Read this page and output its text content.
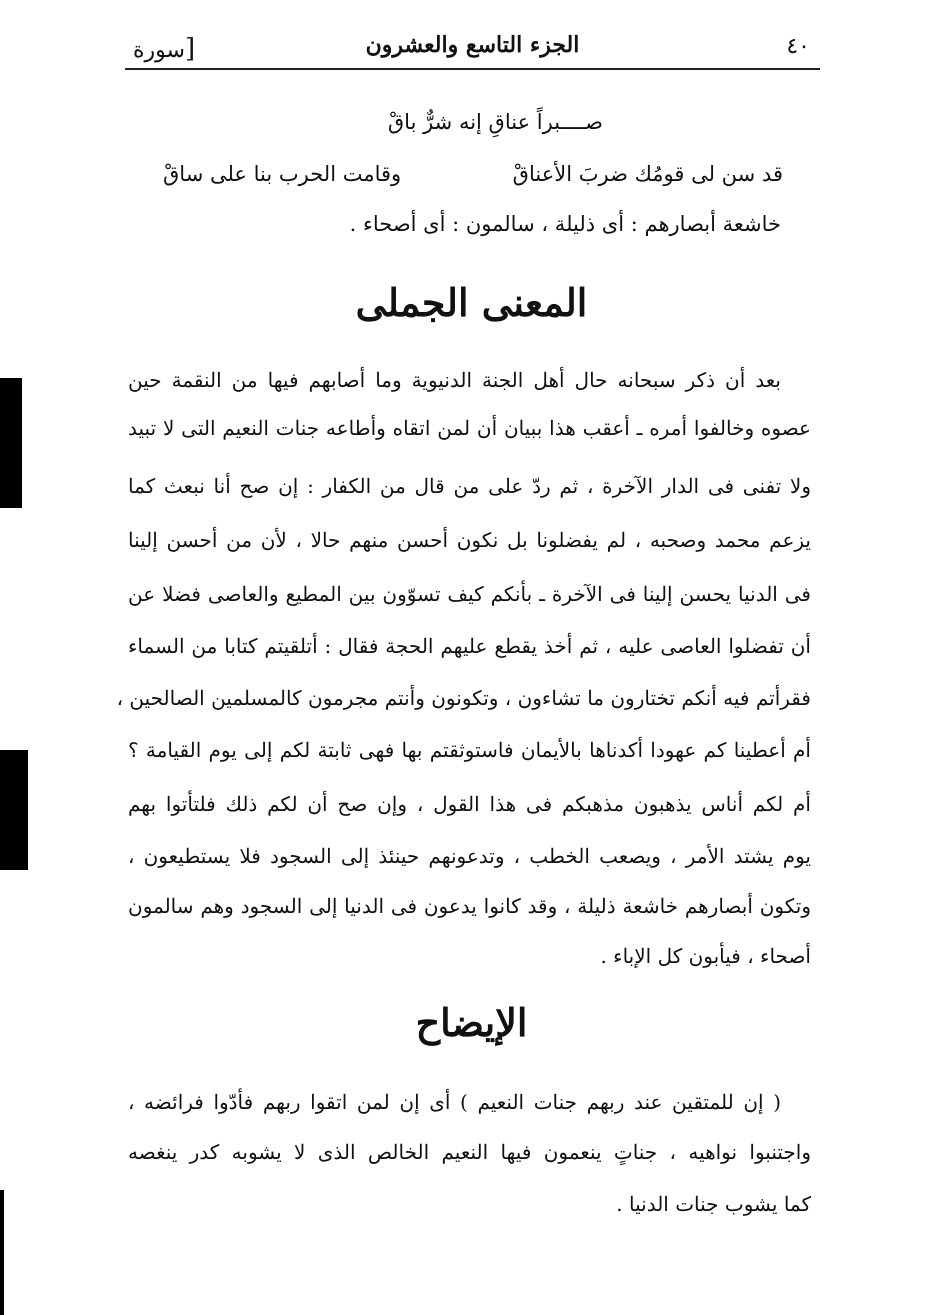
٤٠
الجزء التاسع والعشرون
[سورة
صــــبراً عناقِ إنه شرٌّ باقْ
قد سن لى قومُك ضربَ الأعناقْ
وقامت الحرب بنا على ساقْ
خاشعة أبصارهم : أى ذليلة ، سالمون : أى أصحاء .
المعنى الجملى
بعد أن ذكر سبحانه حال أهل الجنة الدنيوية وما أصابهم فيها من النقمة حين
عصوه وخالفوا أمره ـ أعقب هذا ببيان أن لمن اتقاه وأطاعه جنات النعيم التى لا تبيد
ولا تفنى فى الدار الآخرة ، ثم ردّ على من قال من الكفار : إن صح أنا نبعث كما
يزعم محمد وصحبه ، لم يفضلونا بل نكون أحسن منهم حالا ، لأن من أحسن إلينا
فى الدنيا يحسن إلينا فى الآخرة ـ بأنكم كيف تسوّون بين المطيع والعاصى فضلا عن
أن تفضلوا العاصى عليه ، ثم أخذ يقطع عليهم الحجة فقال : أتلقيتم كتابا من السماء
فقرأتم فيه أنكم تختارون ما تشاءون ، وتكونون وأنتم مجرمون كالمسلمين الصالحين ،
أم أعطينا كم عهودا أكدناها بالأيمان فاستوثقتم بها فهى ثابتة لكم إلى يوم القيامة ؟
أم لكم أناس يذهبون مذهبكم فى هذا القول ، وإن صح أن لكم ذلك فلتأتوا بهم
يوم يشتد الأمر ، ويصعب الخطب ، وتدعونهم حينئذ إلى السجود فلا يستطيعون ،
وتكون أبصارهم خاشعة ذليلة ، وقد كانوا يدعون فى الدنيا إلى السجود وهم سالمون
أصحاء ، فيأبون كل الإباء .
الإيضاح
( إن للمتقين عند ربهم جنات النعيم ) أى إن لمن اتقوا ربهم فأدّوا فرائضه ،
واجتنبوا نواهيه ، جناتٍ ينعمون فيها النعيم الخالص الذى لا يشوبه كدر ينغصه
كما يشوب جنات الدنيا .
